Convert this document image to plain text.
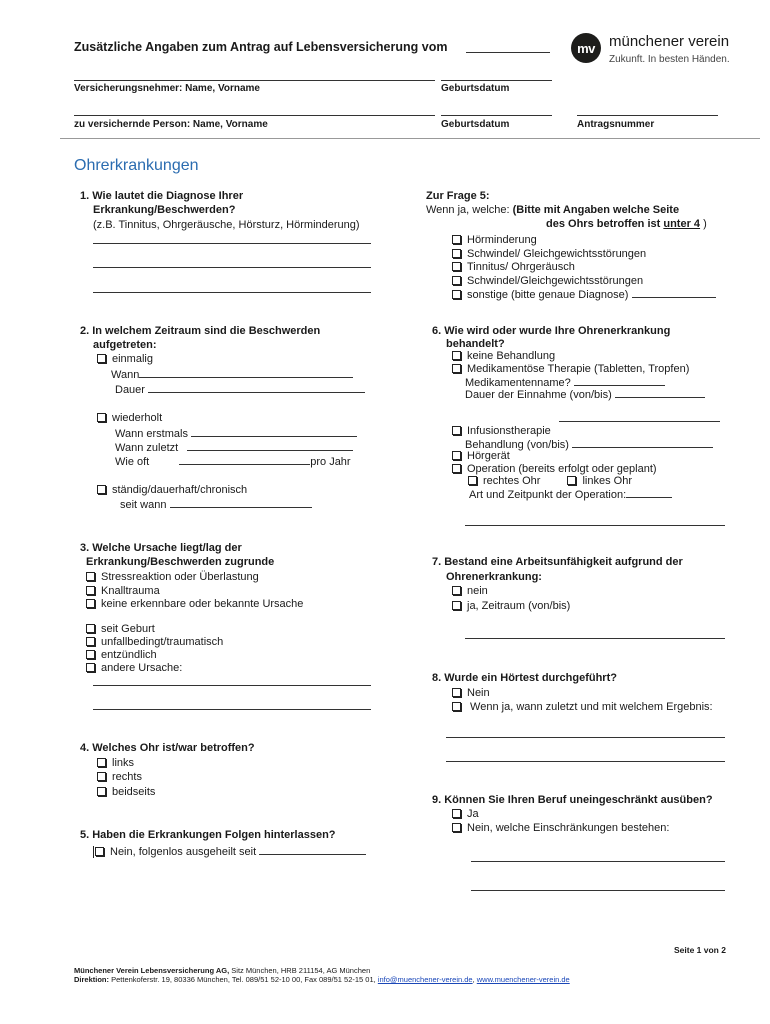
Zusätzliche Angaben zum Antrag auf Lebensversicherung vom	mv münchener verein
Zukunft. In besten Händen.
Versicherungsnehmer: Name, Vorname	Geburtsdatum
zu versichernde Person: Name, Vorname	Geburtsdatum	Antragsnummer
Ohrerkrankungen
1. Wie lautet die Diagnose Ihrer
Erkrankung/Beschwerden?
(z.B. Tinnitus, Ohrgeräusche, Hörsturz, Hörminderung)
2. In welchem Zeitraum sind die Beschwerden
aufgetreten:
einmalig
Wann
Dauer
wiederholt
Wann erstmals
Wann zuletzt
Wie oft	pro Jahr
ständig/dauerhaft/chronisch
seit wann
3. Welche Ursache liegt/lag der
Erkrankung/Beschwerden zugrunde
Stressreaktion oder Überlastung
Knalltrauma
keine erkennbare oder bekannte Ursache
seit Geburt
unfallbedingt/traumatisch
entzündlich
andere Ursache:
4. Welches Ohr ist/war betroffen?
links
rechts
beidseits
5. Haben die Erkrankungen Folgen hinterlassen?
Nein, folgenlos ausgeheilt seit
Zur Frage 5:
Wenn ja, welche: (Bitte mit Angaben welche Seite
des Ohrs betroffen ist unter 4 )
Hörminderung
Schwindel/ Gleichgewichtsstörungen
Tinnitus/ Ohrgeräusch
Schwindel/Gleichgewichtsstörungen
sonstige (bitte genaue Diagnose)
6. Wie wird oder wurde Ihre Ohrenerkrankung
behandelt?
keine Behandlung
Medikamentöse Therapie (Tabletten, Tropfen)
Medikamentenname?
Dauer der Einnahme (von/bis)
Infusionstherapie
Behandlung (von/bis)
Hörgerät
Operation (bereits erfolgt oder geplant)
rechtes Ohr	linkes Ohr
Art und Zeitpunkt der Operation:
7. Bestand eine Arbeitsunfähigkeit aufgrund der
Ohrenerkrankung:
nein
ja, Zeitraum (von/bis)
8. Wurde ein Hörtest durchgeführt?
Nein
Wenn ja, wann zuletzt und mit welchem Ergebnis:
9. Können Sie Ihren Beruf uneingeschränkt ausüben?
Ja
Nein, welche Einschränkungen bestehen:
Seite 1 von 2
Münchener Verein Lebensversicherung AG, Sitz München, HRB 211154, AG München
Direktion: Pettenkoferstr. 19, 80336 München, Tel. 089/51 52-10 00, Fax 089/51 52-15 01, info@muenchener-verein.de, www.muenchener-verein.de
